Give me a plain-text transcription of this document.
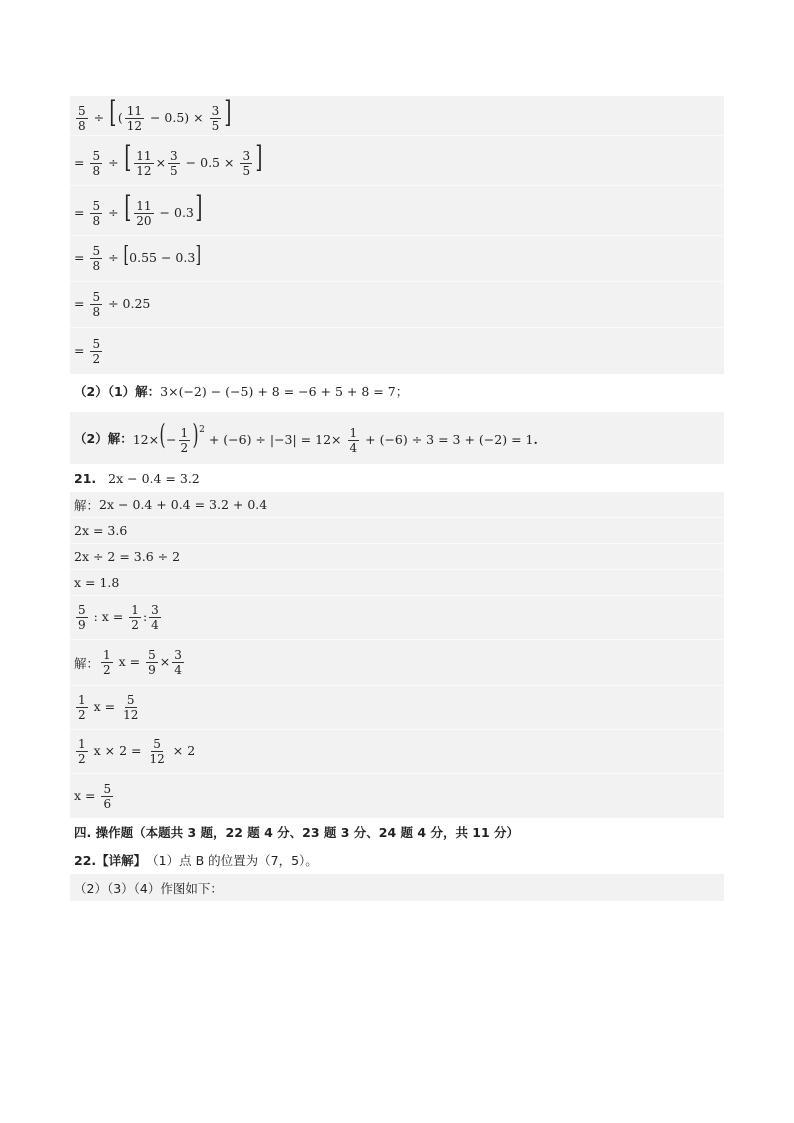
$\frac{5}{8}$ ÷ [( $\frac{11}{12} - 0.5) \times \frac{3}{5}$ ]
= $\frac{5}{8}$ ÷ [ $\frac{11}{12} \times \frac{3}{5} - 0.5 \times \frac{3}{5}$ ]
= $\frac{5}{8}$ ÷ [ $\frac{11}{20} - 0.3$]
= $\frac{5}{8} \div [0.55 - 0.3]$
= $\frac{5}{8} \div 0.25$
= $\frac{5}{2}$
（2）（1）解： 3×(−2) − (−5) + 8 = −6 + 5 + 8 = 7 ；
（2）解： $12\times(- \frac{1}{2} )^2 + (-6) \div |-3| = 12\times \frac{1}{4} + (-6) \div 3 = 3 + (-2) = 1$.
21. 2x − 0.4 = 3.2
解： 2x − 0.4 + 0.4 = 3.2 + 0.4
2x = 3.6
2x ÷ 2 = 3.6 ÷ 2
x = 1.8
$\frac{5}{9}$ : $x = \frac{1}{2}$ : $\frac{3}{4}$
解： $\frac{1}{2}$ $x = \frac{5}{9} \times \frac{3}{4}$
$\frac{1}{2}$ $x = \frac{5}{12}$
$\frac{1}{2}$ $x \times 2 = \frac{5}{12} \times 2$
$x = \frac{5}{6}$
四. 操作题（本题共 3 题，22 题 4 分、23 题 3 分、24 题 4 分，共 11 分）
22.【详解】 （1）点 B 的位置为（7，5）。
（2）（3）（4）作图如下：
